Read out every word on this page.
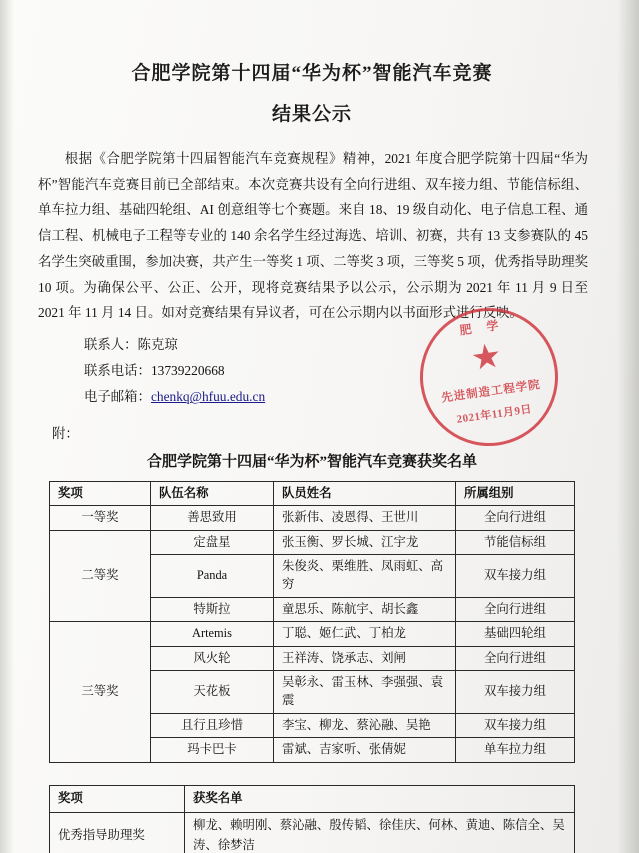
合肥学院第十四届“华为杯”智能汽车竞赛
结果公示
根据《合肥学院第十四届智能汽车竞赛规程》精神，2021 年度合肥学院第十四届“华为杯”智能汽车竞赛目前已全部结束。本次竞赛共设有全向行进组、双车接力组、节能信标组、单车拉力组、基础四轮组、AI 创意组等七个赛题。来自 18、19 级自动化、电子信息工程、通信工程、机械电子工程等专业的 140 余名学生经过海选、培训、初赛，共有 13 支参赛队的 45 名学生突破重围，参加决赛，共产生一等奖 1 项、二等奖 3 项，三等奖 5 项，优秀指导助理奖 10 项。为确保公平、公正、公开，现将竞赛结果予以公示，公示期为 2021 年 11 月 9 日至 2021 年 11 月 14 日。如对竞赛结果有异议者，可在公示期内以书面形式进行反映。
联系人：陈克琼
联系电话：13739220668
电子邮箱：chenkq@hfuu.edu.cn
附：
合肥学院第十四届“华为杯”智能汽车竞赛获奖名单
奖项	队伍名称	队员姓名	所属组别
一等奖	善思致用	张新伟、凌恩得、王世川	全向行进组
二等奖	定盘星	张玉衡、罗长城、江宇龙	节能信标组
	Panda	朱俊炎、栗维胜、凤雨虹、高穷	双车接力组
	特斯拉	童思乐、陈航宇、胡长鑫	全向行进组
三等奖	Artemis	丁聪、姬仁武、丁柏龙	基础四轮组
	风火轮	王祥涛、饶承志、刘闸	全向行进组
	天花板	吴彰永、雷玉林、李强强、袁震	双车接力组
	且行且珍惜	李宝、柳龙、蔡沁融、吴艳	双车接力组
	玛卡巴卡	雷斌、吉家听、张倩妮	单车拉力组
奖项	获奖名单
优秀指导助理奖	柳龙、赖明刚、蔡沁融、殷传韬、徐佳庆、何林、黄迪、陈信全、吴涛、徐梦洁
肥 学
★
先进制造工程学院
2021年11月9日
